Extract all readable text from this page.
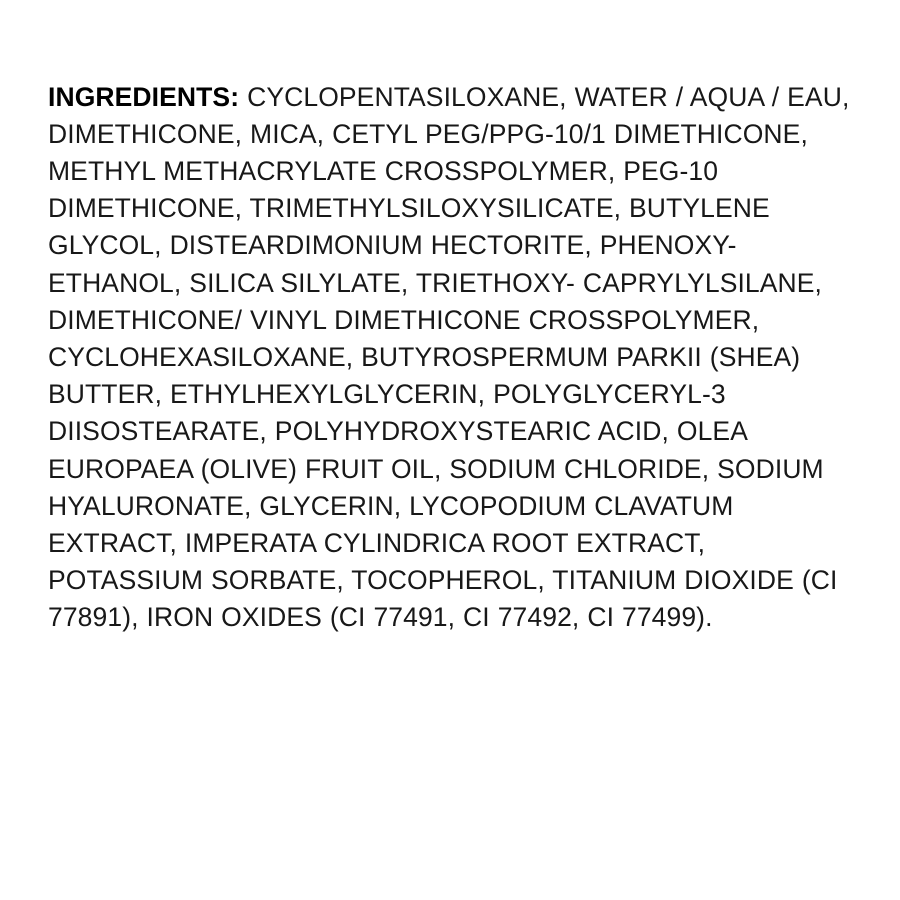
INGREDIENTS: CYCLOPENTASILOXANE, WATER / AQUA / EAU, DIMETHICONE, MICA, CETYL PEG/PPG-10/1 DIMETHICONE, METHYL METHACRYLATE CROSSPOLYMER, PEG-10 DIMETHICONE, TRIMETHYLSILOXYSILICATE, BUTYLENE GLYCOL, DISTEARDIMONIUM HECTORITE, PHENOXY- ETHANOL, SILICA SILYLATE, TRIETHOXY- CAPRYLYLSILANE, DIMETHICONE/ VINYL DIMETHICONE CROSSPOLYMER, CYCLOHEXASILOXANE, BUTYROSPERMUM PARKII (SHEA) BUTTER, ETHYLHEXYLGLYCERIN, POLYGLYCERYL-3 DIISOSTEARATE, POLYHYDROXYSTEARIC ACID, OLEA EUROPAEA (OLIVE) FRUIT OIL, SODIUM CHLORIDE, SODIUM HYALURONATE, GLYCERIN, LYCOPODIUM CLAVATUM EXTRACT, IMPERATA CYLINDRICA ROOT EXTRACT, POTASSIUM SORBATE, TOCOPHEROL, TITANIUM DIOXIDE (CI 77891), IRON OXIDES (CI 77491, CI 77492, CI 77499).
